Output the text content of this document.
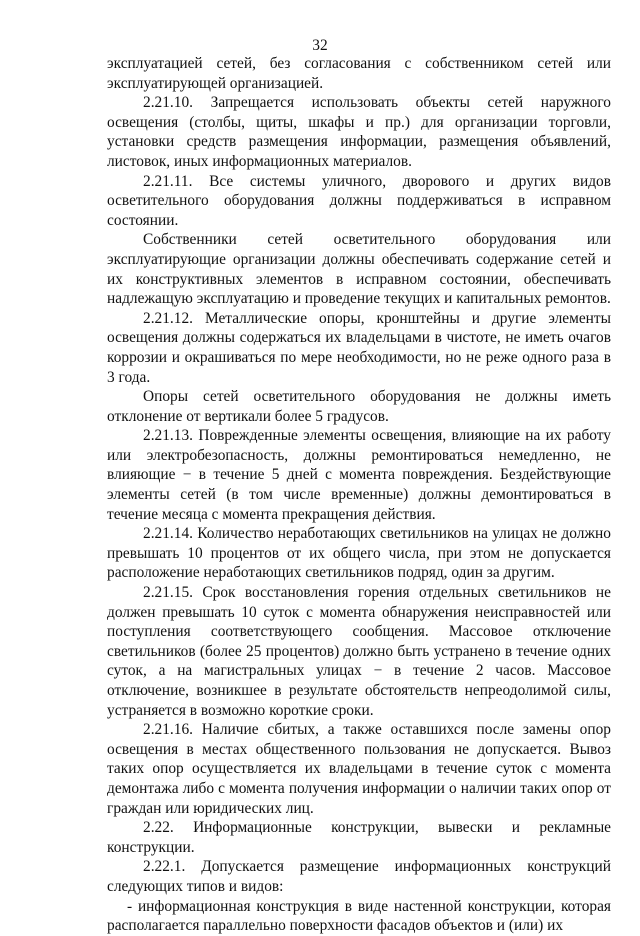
32

эксплуатацией сетей, без согласования с собственником сетей или эксплуатирующей организацией.

2.21.10. Запрещается использовать объекты сетей наружного освещения (столбы, щиты, шкафы и пр.) для организации торговли, установки средств размещения информации, размещения объявлений, листовок, иных информационных материалов.

2.21.11. Все системы уличного, дворового и других видов осветительного оборудования должны поддерживаться в исправном состоянии.

Собственники сетей осветительного оборудования или эксплуатирующие организации должны обеспечивать содержание сетей и их конструктивных элементов в исправном состоянии, обеспечивать надлежащую эксплуатацию и проведение текущих и капитальных ремонтов.

2.21.12. Металлические опоры, кронштейны и другие элементы освещения должны содержаться их владельцами в чистоте, не иметь очагов коррозии и окрашиваться по мере необходимости, но не реже одного раза в 3 года.

Опоры сетей осветительного оборудования не должны иметь отклонение от вертикали более 5 градусов.

2.21.13. Поврежденные элементы освещения, влияющие на их работу или электробезопасность, должны ремонтироваться немедленно, не влияющие − в течение 5 дней с момента повреждения. Бездействующие элементы сетей (в том числе временные) должны демонтироваться в течение месяца с момента прекращения действия.

2.21.14. Количество неработающих светильников на улицах не должно превышать 10 процентов от их общего числа, при этом не допускается расположение неработающих светильников подряд, один за другим.

2.21.15. Срок восстановления горения отдельных светильников не должен превышать 10 суток с момента обнаружения неисправностей или поступления соответствующего сообщения. Массовое отключение светильников (более 25 процентов) должно быть устранено в течение одних суток, а на магистральных улицах − в течение 2 часов. Массовое отключение, возникшее в результате обстоятельств непреодолимой силы, устраняется в возможно короткие сроки.

2.21.16. Наличие сбитых, а также оставшихся после замены опор освещения в местах общественного пользования не допускается. Вывоз таких опор осуществляется их владельцами в течение суток с момента демонтажа либо с момента получения информации о наличии таких опор от граждан или юридических лиц.

2.22. Информационные конструкции, вывески и рекламные конструкции.

2.22.1. Допускается размещение информационных конструкций следующих типов и видов:

- информационная конструкция в виде настенной конструкции, которая располагается параллельно поверхности фасадов объектов и (или) их
